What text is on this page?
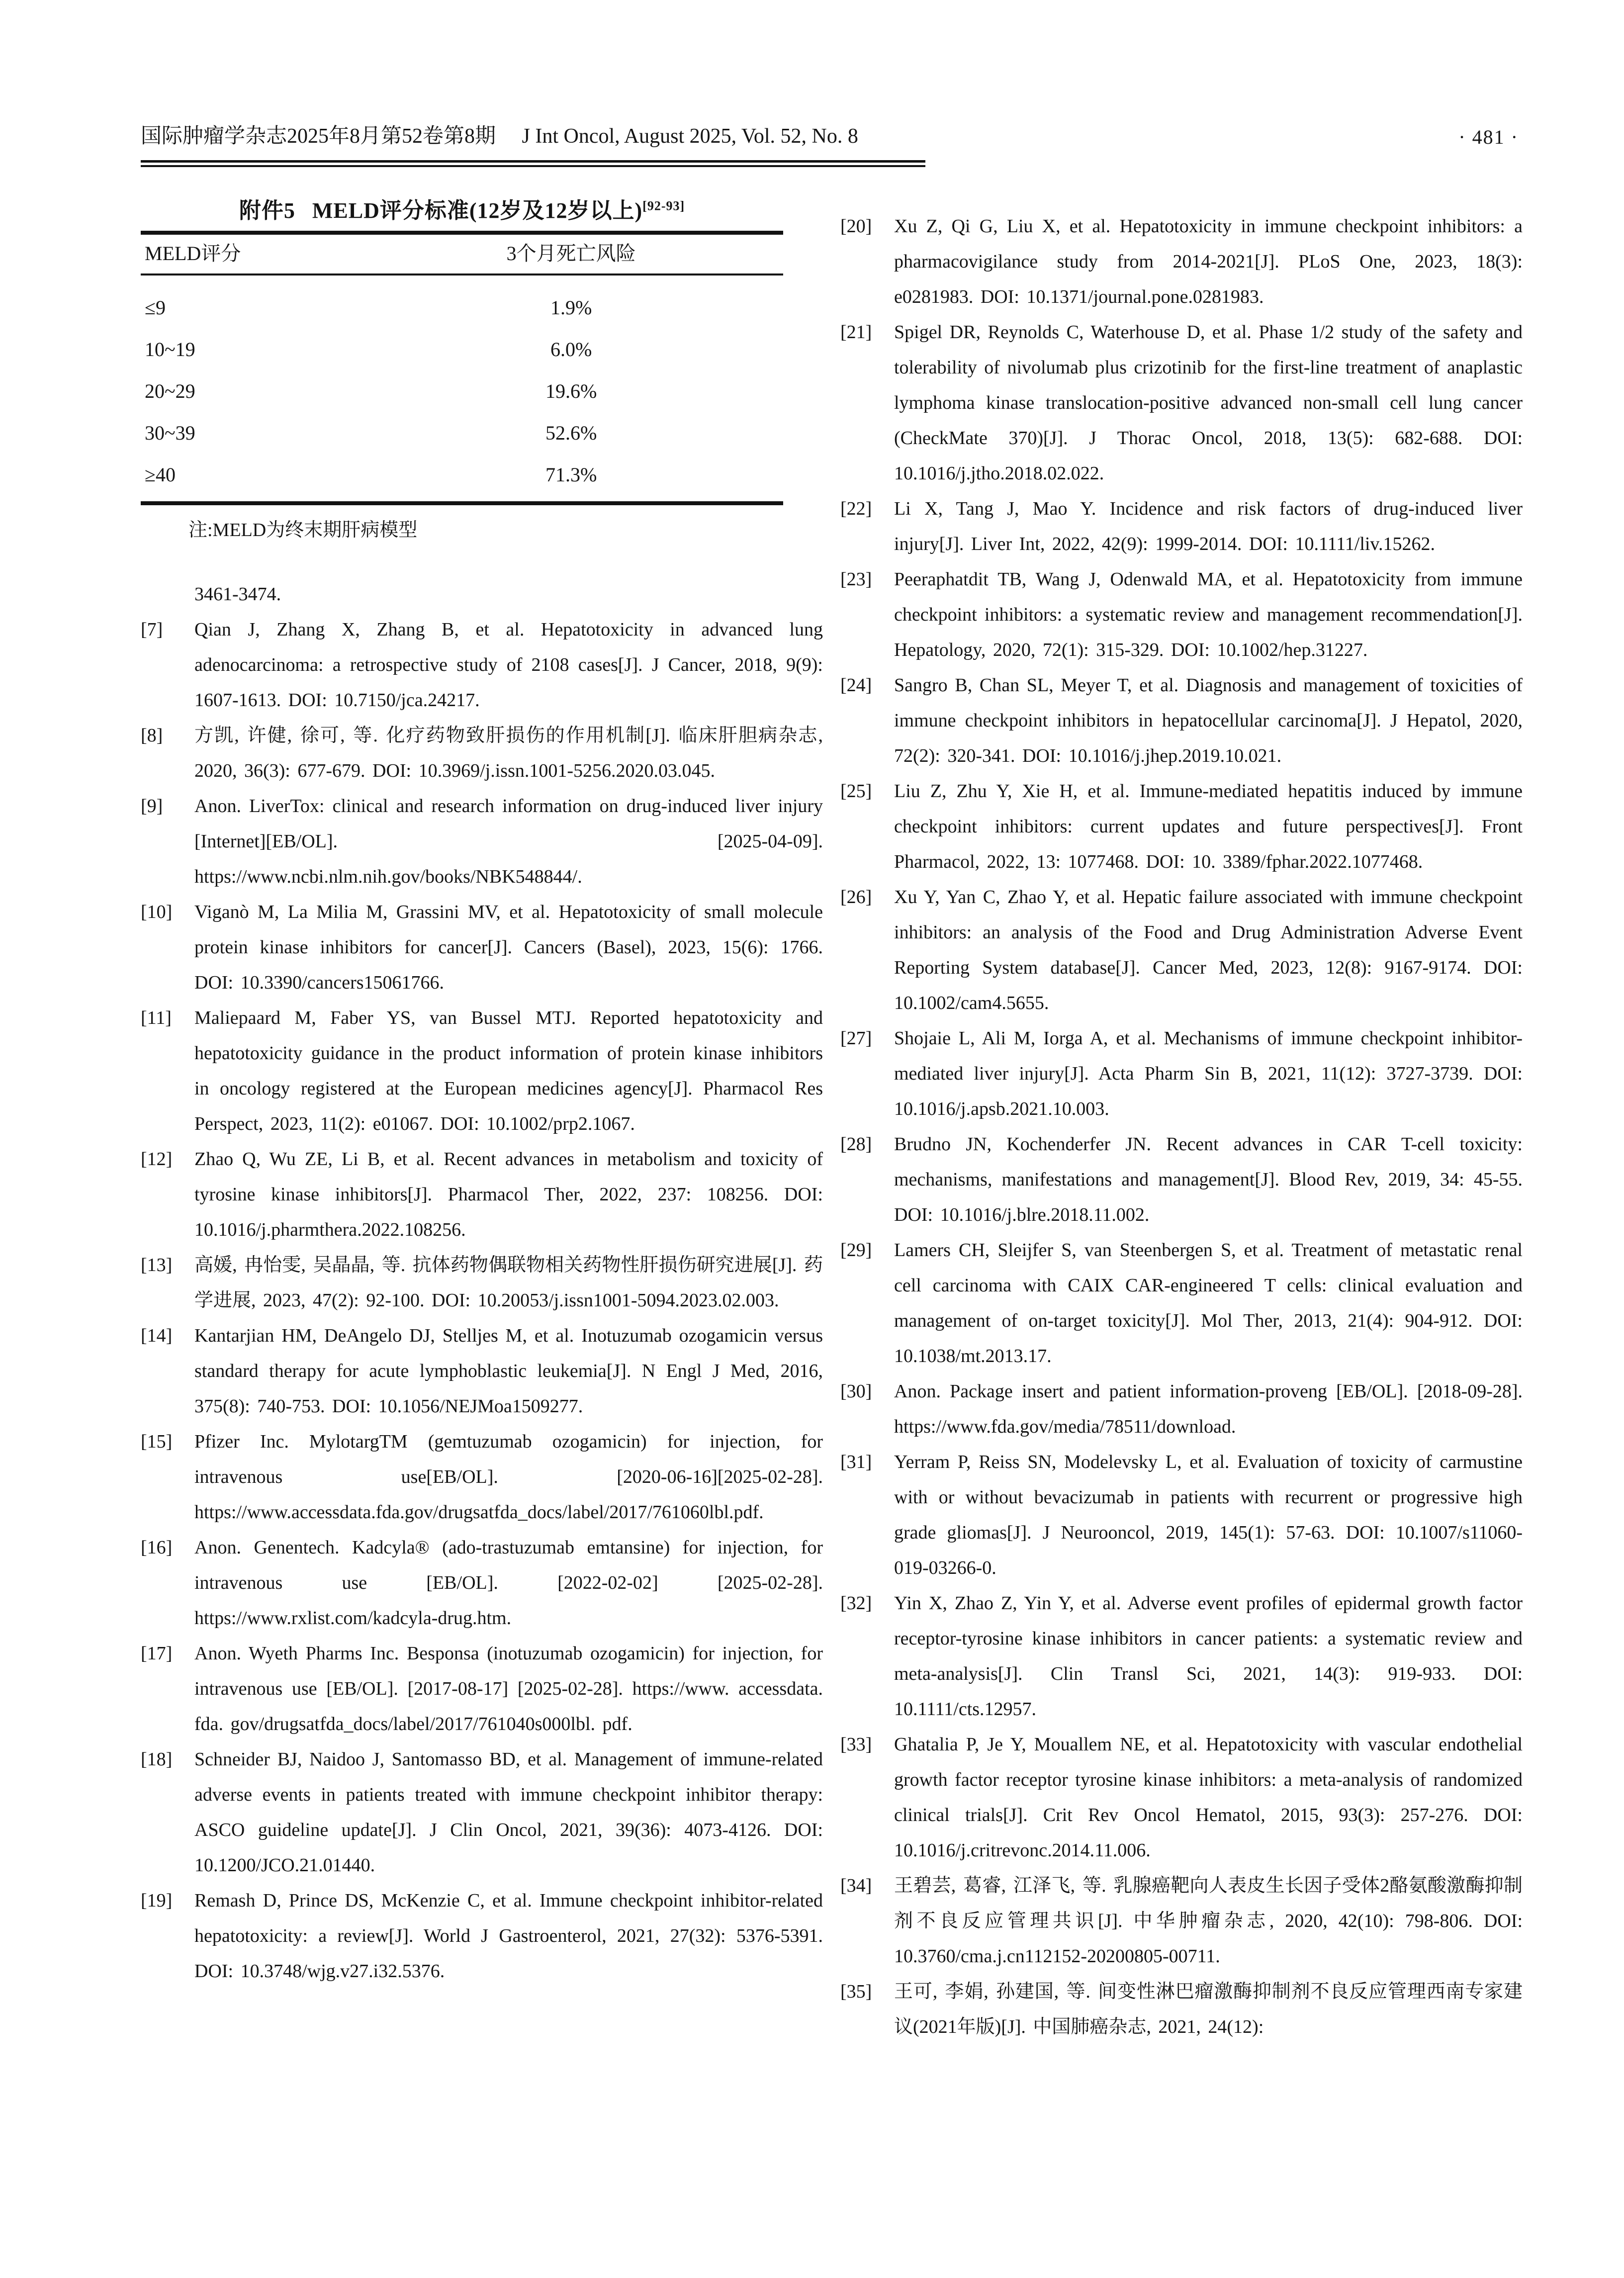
国际肿瘤学杂志2025年8月第52卷第8期 J Int Oncol, August 2025, Vol. 52, No. 8	· 481 ·
附件5 MELD评分标准(12岁及12岁以上)[92-93]
MELD评分	3个月死亡风险
≤9	1.9%
10~19	6.0%
20~29	19.6%
30~39	52.6%
≥40	71.3%
注:MELD为终末期肝病模型
3461-3474.
[7]	Qian J, Zhang X, Zhang B, et al. Hepatotoxicity in advanced lung adenocarcinoma: a retrospective study of 2108 cases[J]. J Cancer, 2018, 9(9): 1607-1613. DOI: 10.7150/jca.24217.
[8]	方凯, 许健, 徐可, 等. 化疗药物致肝损伤的作用机制[J]. 临床肝胆病杂志, 2020, 36(3): 677-679. DOI: 10.3969/j.issn.1001-5256.2020.03.045.
[9]	Anon. LiverTox: clinical and research information on drug-induced liver injury [Internet][EB/OL]. [2025-04-09]. https://www.ncbi.nlm.nih.gov/books/NBK548844/.
[10]	Viganò M, La Milia M, Grassini MV, et al. Hepatotoxicity of small molecule protein kinase inhibitors for cancer[J]. Cancers (Basel), 2023, 15(6): 1766. DOI: 10.3390/cancers15061766.
[11]	Maliepaard M, Faber YS, van Bussel MTJ. Reported hepatotoxicity and hepatotoxicity guidance in the product information of protein kinase inhibitors in oncology registered at the European medicines agency[J]. Pharmacol Res Perspect, 2023, 11(2): e01067. DOI: 10.1002/prp2.1067.
[12]	Zhao Q, Wu ZE, Li B, et al. Recent advances in metabolism and toxicity of tyrosine kinase inhibitors[J]. Pharmacol Ther, 2022, 237: 108256. DOI: 10.1016/j.pharmthera.2022.108256.
[13]	高媛, 冉怡雯, 吴晶晶, 等. 抗体药物偶联物相关药物性肝损伤研究进展[J]. 药学进展, 2023, 47(2): 92-100. DOI: 10.20053/j.issn1001-5094.2023.02.003.
[14]	Kantarjian HM, DeAngelo DJ, Stelljes M, et al. Inotuzumab ozogamicin versus standard therapy for acute lymphoblastic leukemia[J]. N Engl J Med, 2016, 375(8): 740-753. DOI: 10.1056/NEJMoa1509277.
[15]	Pfizer Inc. MylotargTM (gemtuzumab ozogamicin) for injection, for intravenous use[EB/OL]. [2020-06-16][2025-02-28]. https://www.accessdata.fda.gov/drugsatfda_docs/label/2017/761060lbl.pdf.
[16]	Anon. Genentech. Kadcyla® (ado-trastuzumab emtansine) for injection, for intravenous use [EB/OL]. [2022-02-02] [2025-02-28]. https://www.rxlist.com/kadcyla-drug.htm.
[17]	Anon. Wyeth Pharms Inc. Besponsa (inotuzumab ozogamicin) for injection, for intravenous use [EB/OL]. [2017-08-17] [2025-02-28]. https://www. accessdata. fda. gov/drugsatfda_docs/label/2017/761040s000lbl. pdf.
[18]	Schneider BJ, Naidoo J, Santomasso BD, et al. Management of immune-related adverse events in patients treated with immune checkpoint inhibitor therapy: ASCO guideline update[J]. J Clin Oncol, 2021, 39(36): 4073-4126. DOI: 10.1200/JCO.21.01440.
[19]	Remash D, Prince DS, McKenzie C, et al. Immune checkpoint inhibitor-related hepatotoxicity: a review[J]. World J Gastroenterol, 2021, 27(32): 5376-5391. DOI: 10.3748/wjg.v27.i32.5376.
[20]	Xu Z, Qi G, Liu X, et al. Hepatotoxicity in immune checkpoint inhibitors: a pharmacovigilance study from 2014-2021[J]. PLoS One, 2023, 18(3): e0281983. DOI: 10.1371/journal.pone.0281983.
[21]	Spigel DR, Reynolds C, Waterhouse D, et al. Phase 1/2 study of the safety and tolerability of nivolumab plus crizotinib for the first-line treatment of anaplastic lymphoma kinase translocation-positive advanced non-small cell lung cancer (CheckMate 370)[J]. J Thorac Oncol, 2018, 13(5): 682-688. DOI: 10.1016/j.jtho.2018.02.022.
[22]	Li X, Tang J, Mao Y. Incidence and risk factors of drug-induced liver injury[J]. Liver Int, 2022, 42(9): 1999-2014. DOI: 10.1111/liv.15262.
[23]	Peeraphatdit TB, Wang J, Odenwald MA, et al. Hepatotoxicity from immune checkpoint inhibitors: a systematic review and management recommendation[J]. Hepatology, 2020, 72(1): 315-329. DOI: 10.1002/hep.31227.
[24]	Sangro B, Chan SL, Meyer T, et al. Diagnosis and management of toxicities of immune checkpoint inhibitors in hepatocellular carcinoma[J]. J Hepatol, 2020, 72(2): 320-341. DOI: 10.1016/j.jhep.2019.10.021.
[25]	Liu Z, Zhu Y, Xie H, et al. Immune-mediated hepatitis induced by immune checkpoint inhibitors: current updates and future perspectives[J]. Front Pharmacol, 2022, 13: 1077468. DOI: 10. 3389/fphar.2022.1077468.
[26]	Xu Y, Yan C, Zhao Y, et al. Hepatic failure associated with immune checkpoint inhibitors: an analysis of the Food and Drug Administration Adverse Event Reporting System database[J]. Cancer Med, 2023, 12(8): 9167-9174. DOI: 10.1002/cam4.5655.
[27]	Shojaie L, Ali M, Iorga A, et al. Mechanisms of immune checkpoint inhibitor-mediated liver injury[J]. Acta Pharm Sin B, 2021, 11(12): 3727-3739. DOI: 10.1016/j.apsb.2021.10.003.
[28]	Brudno JN, Kochenderfer JN. Recent advances in CAR T-cell toxicity: mechanisms, manifestations and management[J]. Blood Rev, 2019, 34: 45-55. DOI: 10.1016/j.blre.2018.11.002.
[29]	Lamers CH, Sleijfer S, van Steenbergen S, et al. Treatment of metastatic renal cell carcinoma with CAIX CAR-engineered T cells: clinical evaluation and management of on-target toxicity[J]. Mol Ther, 2013, 21(4): 904-912. DOI: 10.1038/mt.2013.17.
[30]	Anon. Package insert and patient information-proveng [EB/OL]. [2018-09-28]. https://www.fda.gov/media/78511/download.
[31]	Yerram P, Reiss SN, Modelevsky L, et al. Evaluation of toxicity of carmustine with or without bevacizumab in patients with recurrent or progressive high grade gliomas[J]. J Neurooncol, 2019, 145(1): 57-63. DOI: 10.1007/s11060-019-03266-0.
[32]	Yin X, Zhao Z, Yin Y, et al. Adverse event profiles of epidermal growth factor receptor-tyrosine kinase inhibitors in cancer patients: a systematic review and meta-analysis[J]. Clin Transl Sci, 2021, 14(3): 919-933. DOI: 10.1111/cts.12957.
[33]	Ghatalia P, Je Y, Mouallem NE, et al. Hepatotoxicity with vascular endothelial growth factor receptor tyrosine kinase inhibitors: a meta-analysis of randomized clinical trials[J]. Crit Rev Oncol Hematol, 2015, 93(3): 257-276. DOI: 10.1016/j.critrevonc.2014.11.006.
[34]	王碧芸, 葛睿, 江泽飞, 等. 乳腺癌靶向人表皮生长因子受体2酪氨酸激酶抑制剂不良反应管理共识[J]. 中华肿瘤杂志, 2020, 42(10): 798-806. DOI: 10.3760/cma.j.cn112152-20200805-00711.
[35]	王可, 李娟, 孙建国, 等. 间变性淋巴瘤激酶抑制剂不良反应管理西南专家建议(2021年版)[J]. 中国肺癌杂志, 2021, 24(12):
